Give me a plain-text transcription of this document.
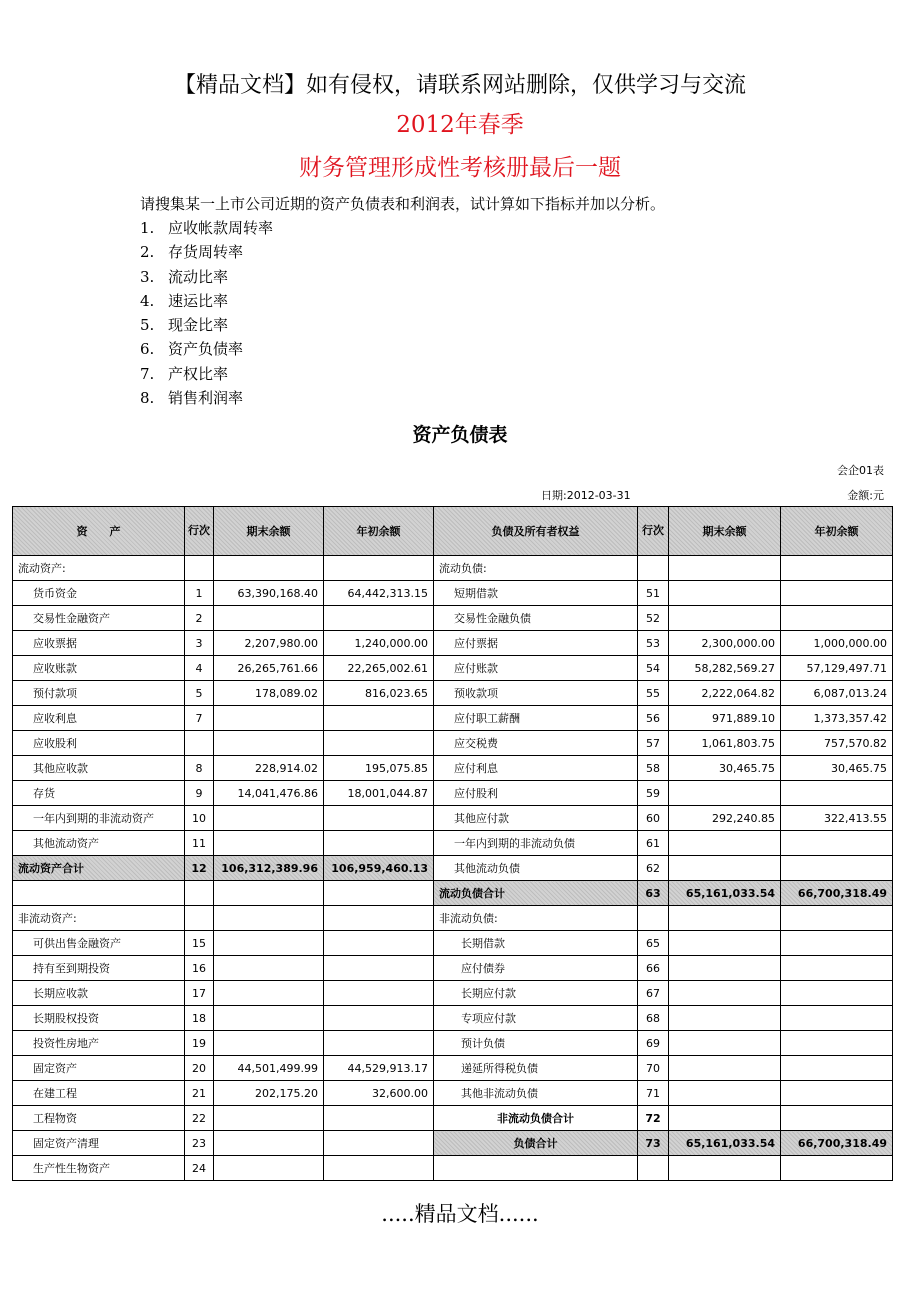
【精品文档】如有侵权，请联系网站删除，仅供学习与交流
2012年春季
财务管理形成性考核册最后一题
请搜集某一上市公司近期的资产负债表和利润表，试计算如下指标并加以分析。
1. 应收帐款周转率
2. 存货周转率
3. 流动比率
4. 速运比率
5. 现金比率
6. 资产负债率
7. 产权比率
8. 销售利润率
资产负债表
会企01表
日期:2012-03-31	金额:元
资　　产	行次	期末余额	年初余额	负债及所有者权益	行次	期末余额	年初余额
流动资产:				流动负债:			
货币资金	1	63,390,168.40	64,442,313.15	短期借款	51		
交易性金融资产	2			交易性金融负债	52		
应收票据	3	2,207,980.00	1,240,000.00	应付票据	53	2,300,000.00	1,000,000.00
应收账款	4	26,265,761.66	22,265,002.61	应付账款	54	58,282,569.27	57,129,497.71
预付款项	5	178,089.02	816,023.65	预收款项	55	2,222,064.82	6,087,013.24
应收利息	7			应付职工薪酬	56	971,889.10	1,373,357.42
应收股利				应交税费	57	1,061,803.75	757,570.82
其他应收款	8	228,914.02	195,075.85	应付利息	58	30,465.75	30,465.75
存货	9	14,041,476.86	18,001,044.87	应付股利	59		
一年内到期的非流动资产	10			其他应付款	60	292,240.85	322,413.55
其他流动资产	11			一年内到期的非流动负债	61		
流动资产合计	12	106,312,389.96	106,959,460.13	其他流动负债	62		
				流动负债合计	63	65,161,033.54	66,700,318.49
非流动资产:				非流动负债:			
可供出售金融资产	15			长期借款	65		
持有至到期投资	16			应付债券	66		
长期应收款	17			长期应付款	67		
长期股权投资	18			专项应付款	68		
投资性房地产	19			预计负债	69		
固定资产	20	44,501,499.99	44,529,913.17	递延所得税负债	70		
在建工程	21	202,175.20	32,600.00	其他非流动负债	71		
工程物资	22			非流动负债合计	72		
固定资产清理	23			负债合计	73	65,161,033.54	66,700,318.49
生产性生物资产	24						
.....精品文档......
